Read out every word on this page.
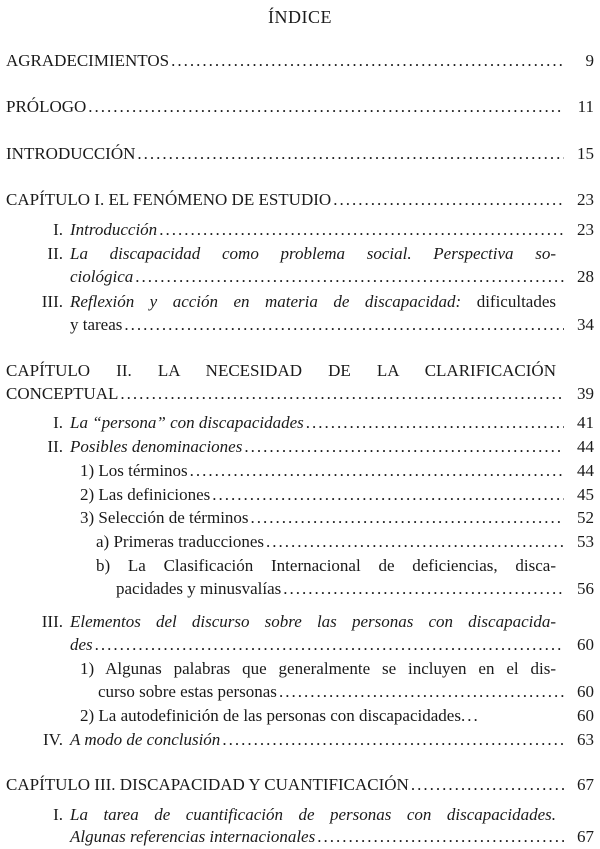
ÍNDICE
AGRADECIMIENTOS .....	9
PRÓLOGO .....	11
INTRODUCCIÓN .....	15
CAPÍTULO I. EL FENÓMENO DE ESTUDIO .....	23
I. Introducción .....	23
II. La discapacidad como problema social. Perspectiva so-
ciológica .....	28
III. Reflexión y acción en materia de discapacidad: dificultades
y tareas .....	34
CAPÍTULO II. LA NECESIDAD DE LA CLARIFICACIÓN
CONCEPTUAL .....	39
I. La “persona” con discapacidades .....	41
II. Posibles denominaciones .....	44
1) Los términos .....	44
2) Las definiciones .....	45
3) Selección de términos .....	52
a) Primeras traducciones .....	53
b) La Clasificación Internacional de deficiencias, disca-
pacidades y minusvalías .....	56
III. Elementos del discurso sobre las personas con discapacida-
des .....	60
1) Algunas palabras que generalmente se incluyen en el dis-
curso sobre estas personas .....	60
2) La autodefinición de las personas con discapacidades. .....	60
IV. A modo de conclusión .....	63
CAPÍTULO III. DISCAPACIDAD Y CUANTIFICACIÓN .....	67
I. La tarea de cuantificación de personas con discapacidades.
Algunas referencias internacionales .....	67
